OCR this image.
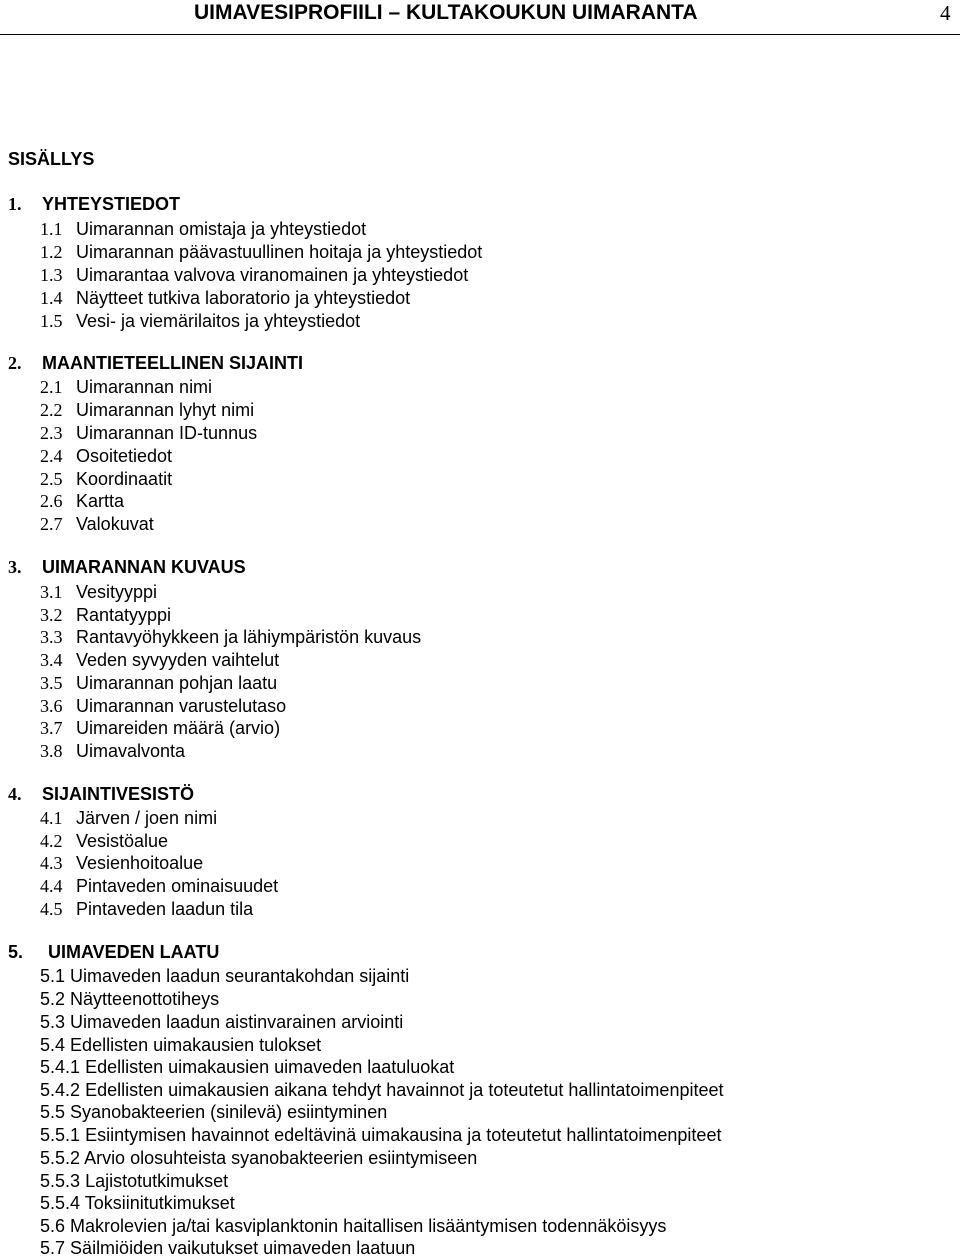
UIMAVESIPROFIILI – KULTAKOUKUN UIMARANTA	4
SISÄLLYS
1. YHTEYSTIEDOT
1.1 Uimarannan omistaja ja yhteystiedot
1.2 Uimarannan päävastuullinen hoitaja ja yhteystiedot
1.3 Uimarantaa valvova viranomainen ja yhteystiedot
1.4 Näytteet tutkiva laboratorio ja yhteystiedot
1.5 Vesi- ja viemärilaitos ja yhteystiedot
2. MAANTIETEELLINEN SIJAINTI
2.1 Uimarannan nimi
2.2 Uimarannan lyhyt nimi
2.3 Uimarannan ID-tunnus
2.4 Osoitetiedot
2.5 Koordinaatit
2.6 Kartta
2.7 Valokuvat
3. UIMARANNAN KUVAUS
3.1 Vesityyppi
3.2 Rantatyyppi
3.3 Rantavyöhykkeen ja lähiympäristön kuvaus
3.4 Veden syvyyden vaihtelut
3.5 Uimarannan pohjan laatu
3.6 Uimarannan varustelutaso
3.7 Uimareiden määrä (arvio)
3.8 Uimavalvonta
4. SIJAINTIVESISTÖ
4.1 Järven / joen nimi
4.2 Vesistöalue
4.3 Vesienhoitoalue
4.4 Pintaveden ominaisuudet
4.5 Pintaveden laadun tila
5. UIMAVEDEN LAATU
5.1 Uimaveden laadun seurantakohdan sijainti
5.2 Näytteenottotiheys
5.3 Uimaveden laadun aistinvarainen arviointi
5.4 Edellisten uimakausien tulokset
5.4.1 Edellisten uimakausien uimaveden laatuluokat
5.4.2 Edellisten uimakausien aikana tehdyt havainnot ja toteutetut hallintatoimenpiteet
5.5 Syanobakteerien (sinilevä) esiintyminen
5.5.1 Esiintymisen havainnot edeltävinä uimakausina ja toteutetut hallintatoimenpiteet
5.5.2 Arvio olosuhteista syanobakteerien esiintymiseen
5.5.3 Lajistotutkimukset
5.5.4 Toksiinitutkimukset
5.6 Makrolevien ja/tai kasviplanktonin haitallisen lisääntymisen todennäköisyys
5.7 Säilmiöiden vaikutukset uimaveden laatuun
